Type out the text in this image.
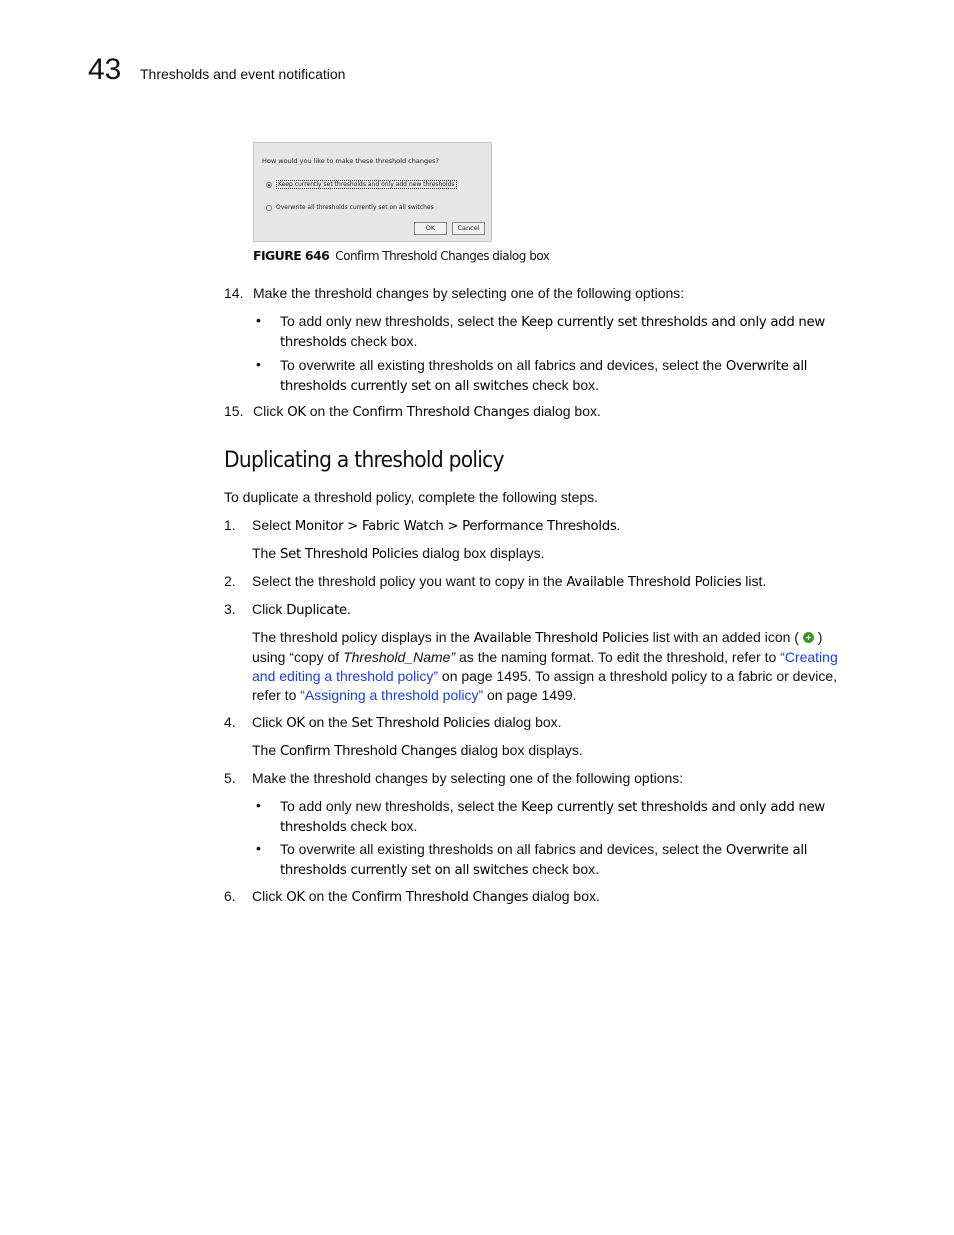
43 Thresholds and event notification
How would you like to make these threshold changes?
Keep currently set thresholds and only add new thresholds
Overwrite all thresholds currently set on all switches
OK	Cancel
FIGURE 646 Confirm Threshold Changes dialog box
14. Make the threshold changes by selecting one of the following options:
• To add only new thresholds, select the Keep currently set thresholds and only add new
thresholds check box.
• To overwrite all existing thresholds on all fabrics and devices, select the Overwrite all
thresholds currently set on all switches check box.
15. Click OK on the Confirm Threshold Changes dialog box.
Duplicating a threshold policy
To duplicate a threshold policy, complete the following steps.
1. Select Monitor > Fabric Watch > Performance Thresholds.
The Set Threshold Policies dialog box displays.
2. Select the threshold policy you want to copy in the Available Threshold Policies list.
3. Click Duplicate.
The threshold policy displays in the Available Threshold Policies list with an added icon ( )
using “copy of Threshold_Name” as the naming format. To edit the threshold, refer to “Creating
and editing a threshold policy” on page 1495. To assign a threshold policy to a fabric or device,
refer to “Assigning a threshold policy” on page 1499.
4. Click OK on the Set Threshold Policies dialog box.
The Confirm Threshold Changes dialog box displays.
5. Make the threshold changes by selecting one of the following options:
• To add only new thresholds, select the Keep currently set thresholds and only add new
thresholds check box.
• To overwrite all existing thresholds on all fabrics and devices, select the Overwrite all
thresholds currently set on all switches check box.
6. Click OK on the Confirm Threshold Changes dialog box.
